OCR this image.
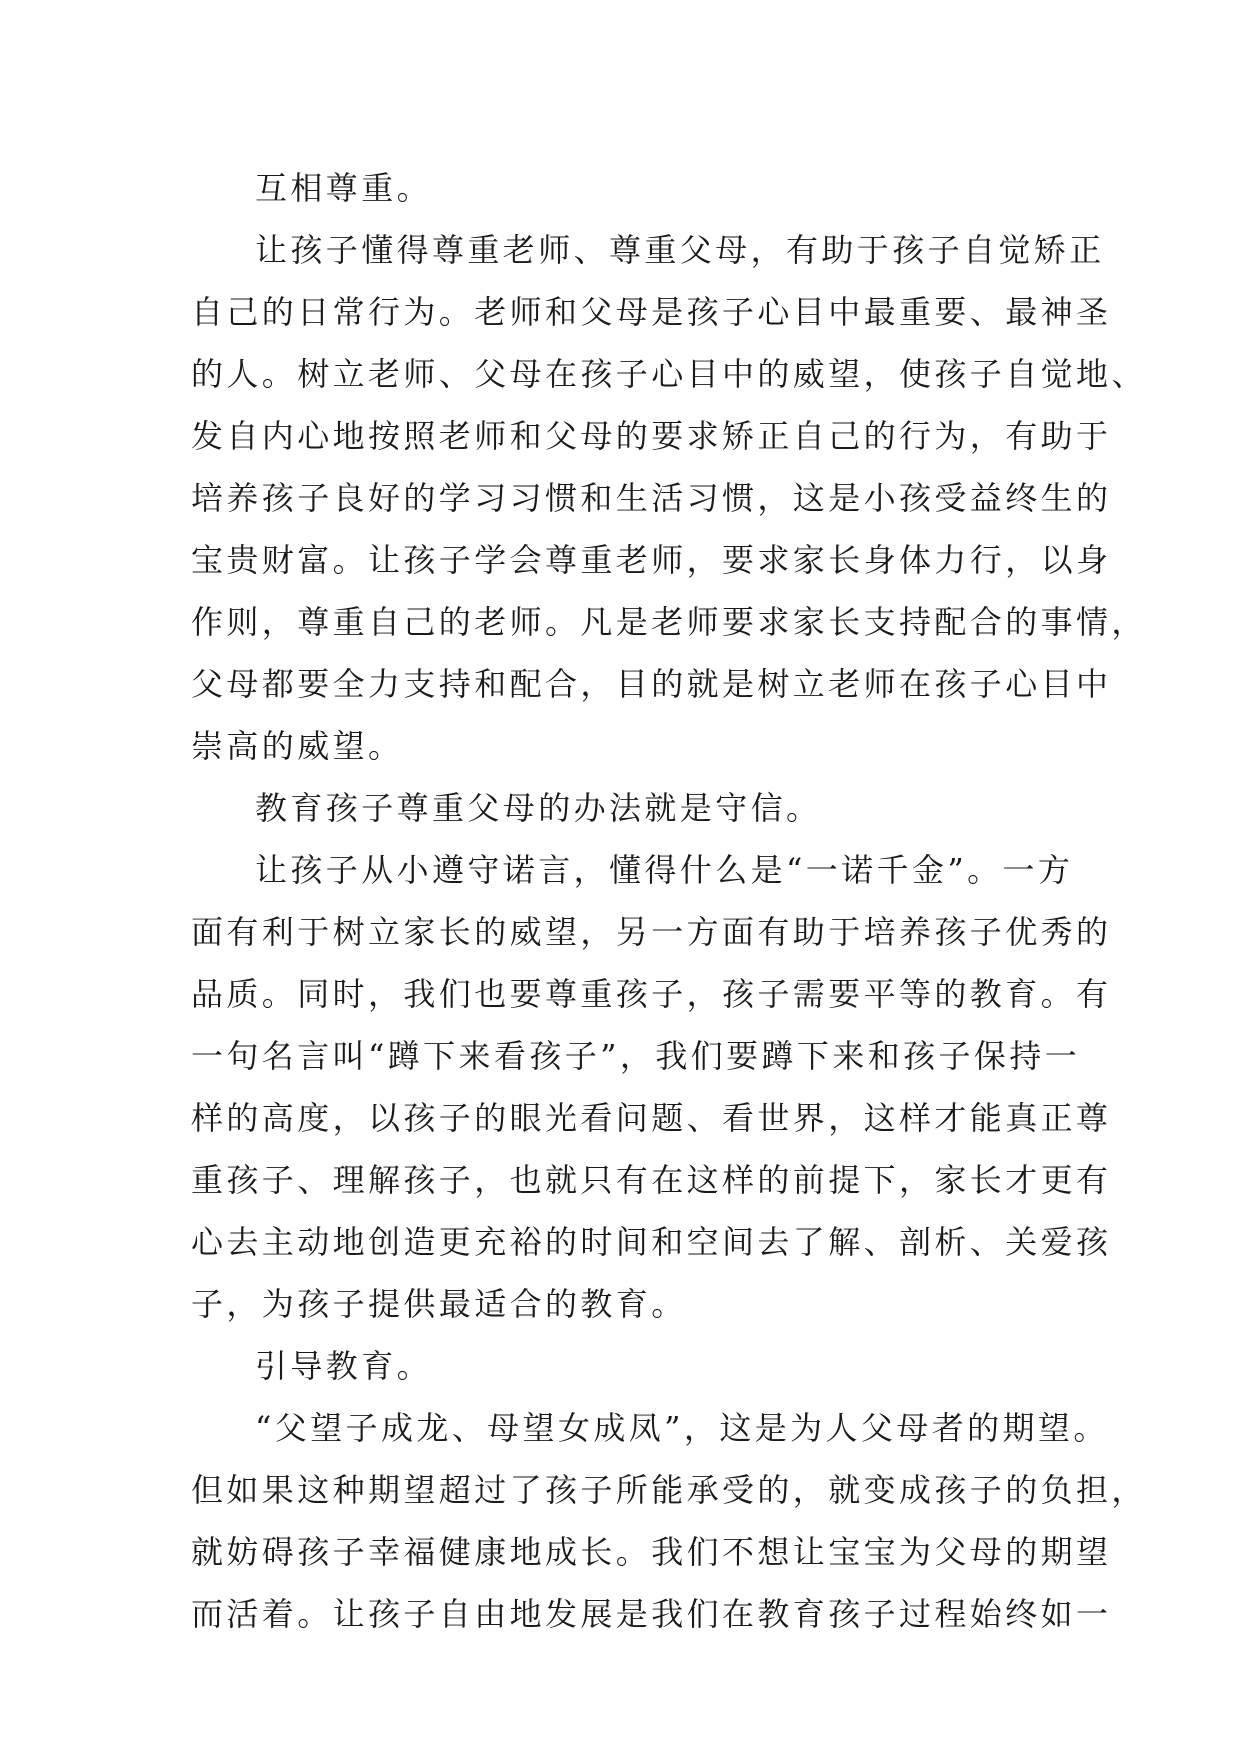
互相尊重。
让孩子懂得尊重老师、尊重父母，有助于孩子自觉矫正
自己的日常行为。老师和父母是孩子心目中最重要、最神圣
的人。树立老师、父母在孩子心目中的威望，使孩子自觉地、
发自内心地按照老师和父母的要求矫正自己的行为，有助于
培养孩子良好的学习习惯和生活习惯，这是小孩受益终生的
宝贵财富。让孩子学会尊重老师，要求家长身体力行，以身
作则，尊重自己的老师。凡是老师要求家长支持配合的事情，
父母都要全力支持和配合，目的就是树立老师在孩子心目中
崇高的威望。
教育孩子尊重父母的办法就是守信。
让孩子从小遵守诺言，懂得什么是“一诺千金”。一方
面有利于树立家长的威望，另一方面有助于培养孩子优秀的
品质。同时，我们也要尊重孩子，孩子需要平等的教育。有
一句名言叫“蹲下来看孩子”，我们要蹲下来和孩子保持一
样的高度，以孩子的眼光看问题、看世界，这样才能真正尊
重孩子、理解孩子，也就只有在这样的前提下，家长才更有
心去主动地创造更充裕的时间和空间去了解、剖析、关爱孩
子，为孩子提供最适合的教育。
引导教育。
“父望子成龙、母望女成凤”，这是为人父母者的期望。
但如果这种期望超过了孩子所能承受的，就变成孩子的负担，
就妨碍孩子幸福健康地成长。我们不想让宝宝为父母的期望
而活着。让孩子自由地发展是我们在教育孩子过程始终如一
